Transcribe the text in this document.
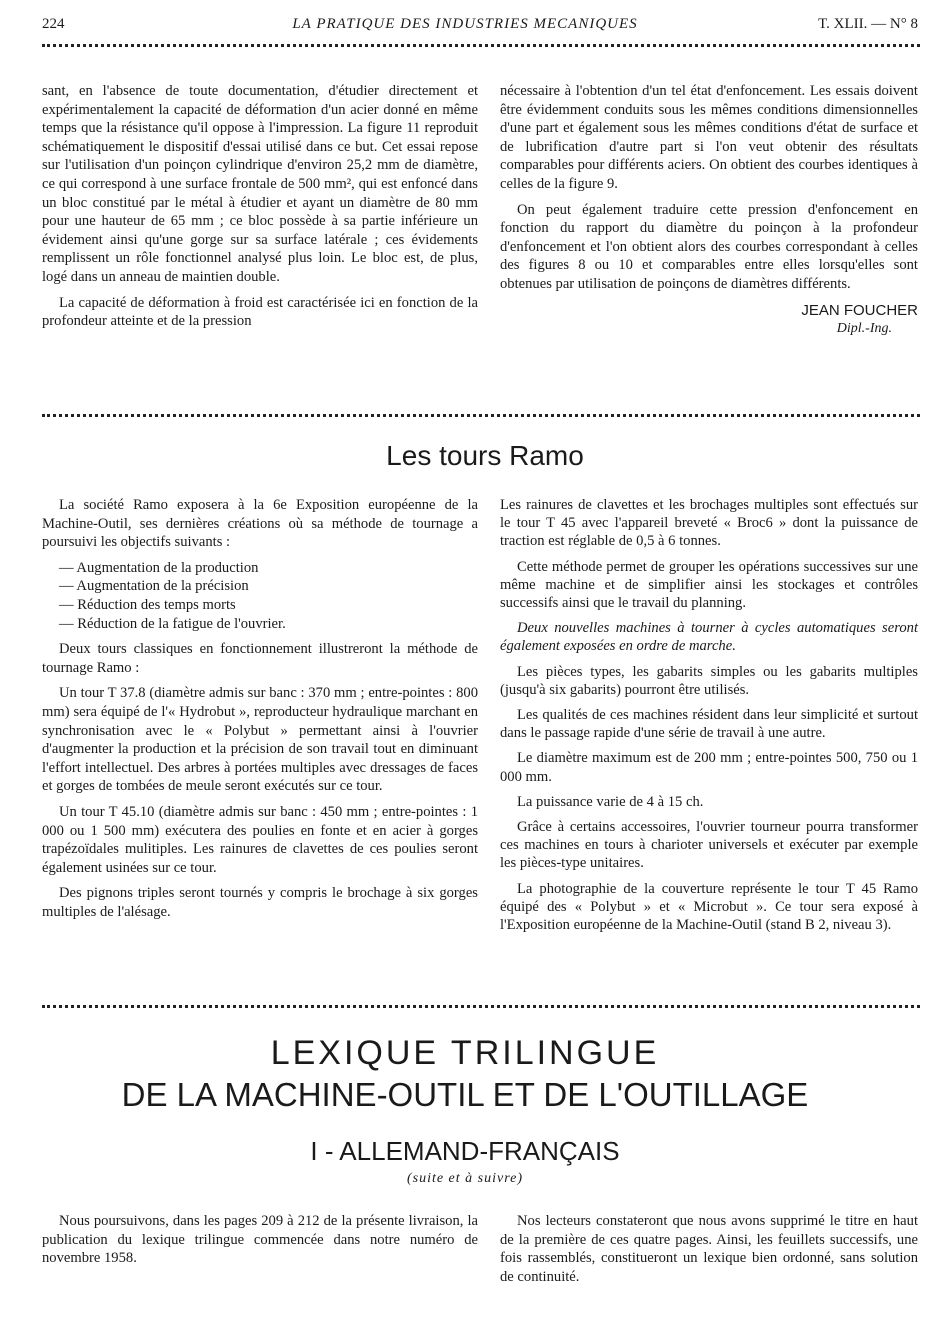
224	LA PRATIQUE DES INDUSTRIES MECANIQUES	T. XLII. — N° 8

sant, en l'absence de toute documentation, d'étudier directement et expérimentalement la capacité de déformation d'un acier donné en même temps que la résistance qu'il oppose à l'impression. La figure 11 reproduit schématiquement le dispositif d'essai utilisé dans ce but. Cet essai repose sur l'utilisation d'un poinçon cylindrique d'environ 25,2 mm de diamètre, ce qui correspond à une surface frontale de 500 mm², qui est enfoncé dans un bloc constitué par le métal à étudier et ayant un diamètre de 80 mm pour une hauteur de 65 mm ; ce bloc possède à sa partie inférieure un évidement ainsi qu'une gorge sur sa surface latérale ; ces évidements remplissent un rôle fonctionnel analysé plus loin. Le bloc est, de plus, logé dans un anneau de maintien double.

La capacité de déformation à froid est caractérisée ici en fonction de la profondeur atteinte et de la pression

nécessaire à l'obtention d'un tel état d'enfoncement. Les essais doivent être évidemment conduits sous les mêmes conditions dimensionnelles d'une part et également sous les mêmes conditions d'état de surface et de lubrification d'autre part si l'on veut obtenir des résultats comparables pour différents aciers. On obtient des courbes identiques à celles de la figure 9.

On peut également traduire cette pression d'enfoncement en fonction du rapport du diamètre du poinçon à la profondeur d'enfoncement et l'on obtient alors des courbes correspondant à celles des figures 8 ou 10 et comparables entre elles lorsqu'elles sont obtenues par utilisation de poinçons de diamètres différents.

JEAN FOUCHER
Dipl.-Ing.
Les tours Ramo

La société Ramo exposera à la 6e Exposition européenne de la Machine-Outil, ses dernières créations où sa méthode de tournage a poursuivi les objectifs suivants :

— Augmentation de la production
— Augmentation de la précision
— Réduction des temps morts
— Réduction de la fatigue de l'ouvrier.

Deux tours classiques en fonctionnement illustreront la méthode de tournage Ramo :

Un tour T 37.8 (diamètre admis sur banc : 370 mm ; entre-pointes : 800 mm) sera équipé de l'« Hydrobut », reproducteur hydraulique marchant en synchronisation avec le « Polybut » permettant ainsi à l'ouvrier d'augmenter la production et la précision de son travail tout en diminuant l'effort intellectuel. Des arbres à portées multiples avec dressages de faces et gorges de tombées de meule seront exécutés sur ce tour.

Un tour T 45.10 (diamètre admis sur banc : 450 mm ; entre-pointes : 1 000 ou 1 500 mm) exécutera des poulies en fonte et en acier à gorges trapézoïdales mulitiples. Les rainures de clavettes de ces poulies seront également usinées sur ce tour.

Des pignons triples seront tournés y compris le brochage à six gorges multiples de l'alésage.

Les rainures de clavettes et les brochages multiples sont effectués sur le tour T 45 avec l'appareil breveté « Broc6 » dont la puissance de traction est réglable de 0,5 à 6 tonnes.

Cette méthode permet de grouper les opérations successives sur une même machine et de simplifier ainsi les stockages et contrôles successifs ainsi que le travail du planning.

Deux nouvelles machines à tourner à cycles automatiques seront également exposées en ordre de marche.

Les pièces types, les gabarits simples ou les gabarits multiples (jusqu'à six gabarits) pourront être utilisés.

Les qualités de ces machines résident dans leur simplicité et surtout dans le passage rapide d'une série de travail à une autre.

Le diamètre maximum est de 200 mm ; entre-pointes 500, 750 ou 1 000 mm.

La puissance varie de 4 à 15 ch.

Grâce à certains accessoires, l'ouvrier tourneur pourra transformer ces machines en tours à charioter universels et exécuter par exemple les pièces-type unitaires.

La photographie de la couverture représente le tour T 45 Ramo équipé des « Polybut » et « Microbut ». Ce tour sera exposé à l'Exposition européenne de la Machine-Outil (stand B 2, niveau 3).

LEXIQUE TRILINGUE
DE LA MACHINE-OUTIL ET DE L'OUTILLAGE
I - ALLEMAND-FRANÇAIS
(suite et à suivre)

Nous poursuivons, dans les pages 209 à 212 de la présente livraison, la publication du lexique trilingue commencée dans notre numéro de novembre 1958.

Nos lecteurs constateront que nous avons supprimé le titre en haut de la première de ces quatre pages. Ainsi, les feuillets successifs, une fois rassemblés, constitueront un lexique bien ordonné, sans solution de continuité.
